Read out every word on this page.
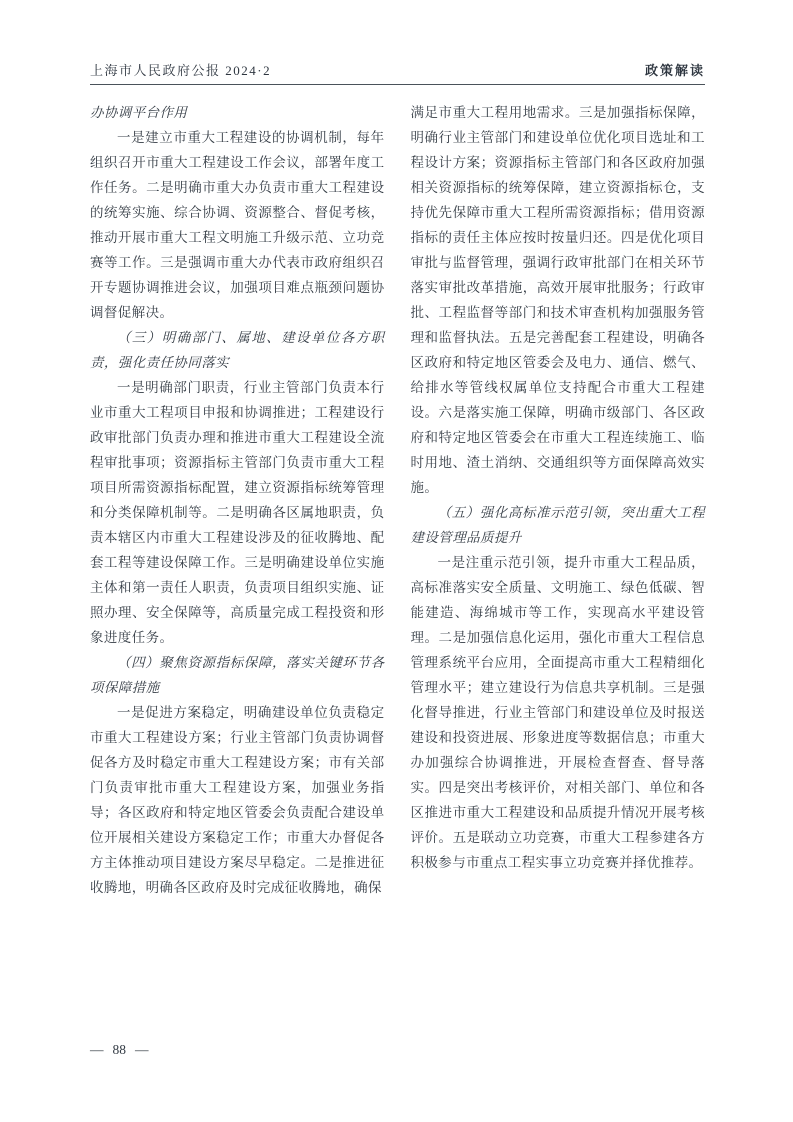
上海市人民政府公报 2024·2	政策解读

办协调平台作用

一是建立市重大工程建设的协调机制，每年组织召开市重大工程建设工作会议，部署年度工作任务。二是明确市重大办负责市重大工程建设的统筹实施、综合协调、资源整合、督促考核，推动开展市重大工程文明施工升级示范、立功竞赛等工作。三是强调市重大办代表市政府组织召开专题协调推进会议，加强项目难点瓶颈问题协调督促解决。

（三）明确部门、属地、建设单位各方职责，强化责任协同落实

一是明确部门职责，行业主管部门负责本行业市重大工程项目申报和协调推进；工程建设行政审批部门负责办理和推进市重大工程建设全流程审批事项；资源指标主管部门负责市重大工程项目所需资源指标配置，建立资源指标统筹管理和分类保障机制等。二是明确各区属地职责，负责本辖区内市重大工程建设涉及的征收腾地、配套工程等建设保障工作。三是明确建设单位实施主体和第一责任人职责，负责项目组织实施、证照办理、安全保障等，高质量完成工程投资和形象进度任务。

（四）聚焦资源指标保障，落实关键环节各项保障措施

一是促进方案稳定，明确建设单位负责稳定市重大工程建设方案；行业主管部门负责协调督促各方及时稳定市重大工程建设方案；市有关部门负责审批市重大工程建设方案，加强业务指导；各区政府和特定地区管委会负责配合建设单位开展相关建设方案稳定工作；市重大办督促各方主体推动项目建设方案尽早稳定。二是推进征收腾地，明确各区政府及时完成征收腾地，确保

满足市重大工程用地需求。三是加强指标保障，明确行业主管部门和建设单位优化项目选址和工程设计方案；资源指标主管部门和各区政府加强相关资源指标的统筹保障，建立资源指标仓，支持优先保障市重大工程所需资源指标；借用资源指标的责任主体应按时按量归还。四是优化项目审批与监督管理，强调行政审批部门在相关环节落实审批改革措施，高效开展审批服务；行政审批、工程监督等部门和技术审查机构加强服务管理和监督执法。五是完善配套工程建设，明确各区政府和特定地区管委会及电力、通信、燃气、给排水等管线权属单位支持配合市重大工程建设。六是落实施工保障，明确市级部门、各区政府和特定地区管委会在市重大工程连续施工、临时用地、渣土消纳、交通组织等方面保障高效实施。

（五）强化高标准示范引领，突出重大工程建设管理品质提升

一是注重示范引领，提升市重大工程品质，高标准落实安全质量、文明施工、绿色低碳、智能建造、海绵城市等工作，实现高水平建设管理。二是加强信息化运用，强化市重大工程信息管理系统平台应用，全面提高市重大工程精细化管理水平；建立建设行为信息共享机制。三是强化督导推进，行业主管部门和建设单位及时报送建设和投资进展、形象进度等数据信息；市重大办加强综合协调推进，开展检查督查、督导落实。四是突出考核评价，对相关部门、单位和各区推进市重大工程建设和品质提升情况开展考核评价。五是联动立功竞赛，市重大工程参建各方积极参与市重点工程实事立功竞赛并择优推荐。

— 88 —
